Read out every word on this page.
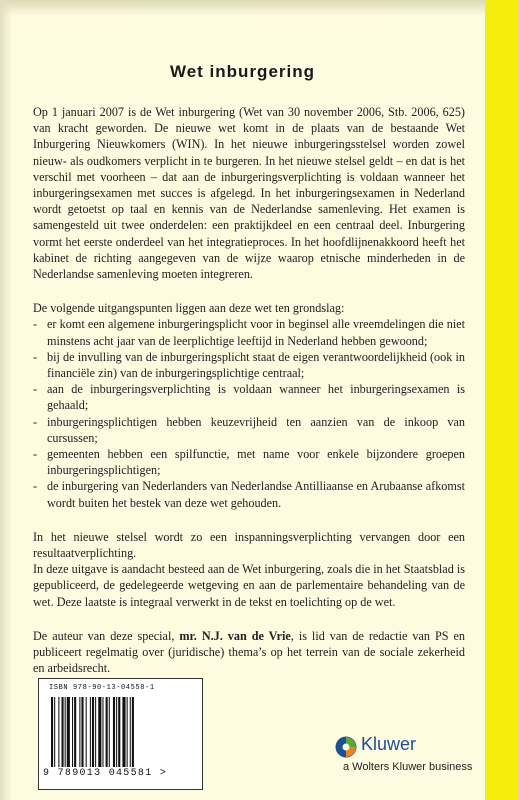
Wet inburgering

Op 1 januari 2007 is de Wet inburgering (Wet van 30 november 2006, Stb. 2006, 625) van kracht geworden. De nieuwe wet komt in de plaats van de bestaande Wet Inburgering Nieuwkomers (WIN). In het nieuwe inburgeringsstelsel worden zowel nieuw- als oudkomers verplicht in te burgeren. In het nieuwe stelsel geldt – en dat is het verschil met voorheen – dat aan de inburgeringsverplichting is voldaan wanneer het inburgeringsexamen met succes is afgelegd. In het inburgeringsexamen in Nederland wordt getoetst op taal en kennis van de Nederlandse samenleving. Het examen is samengesteld uit twee onderdelen: een praktijkdeel en een centraal deel. Inburgering vormt het eerste onderdeel van het integratieproces. In het hoofdlijnenakkoord heeft het kabinet de richting aangegeven van de wijze waarop etnische minderheden in de Nederlandse samenleving moeten integreren.

De volgende uitgangspunten liggen aan deze wet ten grondslag:

- er komt een algemene inburgeringsplicht voor in beginsel alle vreemdelingen die niet minstens acht jaar van de leerplichtige leeftijd in Nederland hebben gewoond;
- bij de invulling van de inburgeringsplicht staat de eigen verantwoordelijkheid (ook in financiële zin) van de inburgeringsplichtige centraal;
- aan de inburgeringsverplichting is voldaan wanneer het inburgeringsexamen is gehaald;
- inburgeringsplichtigen hebben keuzevrijheid ten aanzien van de inkoop van cursussen;
- gemeenten hebben een spilfunctie, met name voor enkele bijzondere groepen inburgeringsplichtigen;
- de inburgering van Nederlanders van Nederlandse Antilliaanse en Arubaanse afkomst wordt buiten het bestek van deze wet gehouden.

In het nieuwe stelsel wordt zo een inspanningsverplichting vervangen door een resultaatverplichting.

In deze uitgave is aandacht besteed aan de Wet inburgering, zoals die in het Staatsblad is gepubliceerd, de gedelegeerde wetgeving en aan de parlementaire behandeling van de wet. Deze laatste is integraal verwerkt in de tekst en toelichting op de wet.

De auteur van deze special, mr. N.J. van de Vrie, is lid van de redactie van PS en publiceert regelmatig over (juridische) thema’s op het terrein van de sociale zekerheid en arbeidsrecht.

ISBN 978-90-13-04558-1
9 789013 045581 >
Kluwer
a Wolters Kluwer business
